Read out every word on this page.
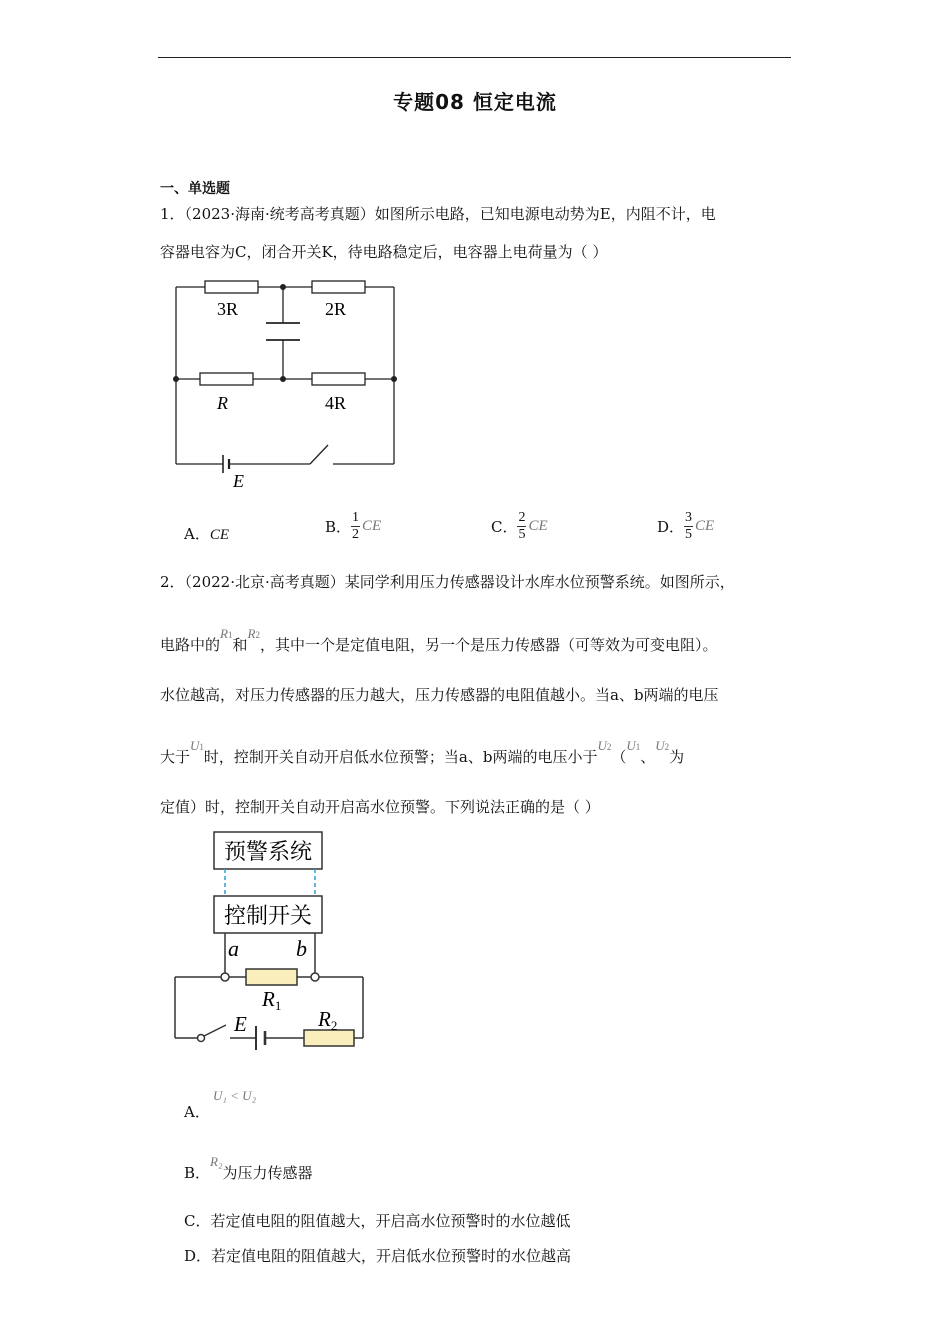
专题08 恒定电流
一、单选题
1．（2023·海南·统考高考真题）如图所示电路，已知电源电动势为E，内阻不计，电
容器电容为C，闭合开关K，待电路稳定后，电容器上电荷量为（ ）
3R	2R
R	4R
E
A．CE	B． $\frac{1}{2}$ CE	C． $\frac{2}{5}$ CE	D． $\frac{3}{5}$ CE
2．（2022·北京·高考真题）某同学利用压力传感器设计水库水位预警系统。如图所示，
电路中的R1和R2，其中一个是定值电阻，另一个是压力传感器（可等效为可变电阻）。
水位越高，对压力传感器的压力越大，压力传感器的电阻值越小。当a、b两端的电压
大于U1时，控制开关自动开启低水位预警；当a、b两端的电压小于U2（U1、U2为
定值）时，控制开关自动开启高水位预警。下列说法正确的是（ ）
预警系统
控制开关
a	b
R1
E	R2
A．
U₁ < U₂
B．R₂为压力传感器
C．若定值电阻的阻值越大，开启高水位预警时的水位越低
D．若定值电阻的阻值越大，开启低水位预警时的水位越高
